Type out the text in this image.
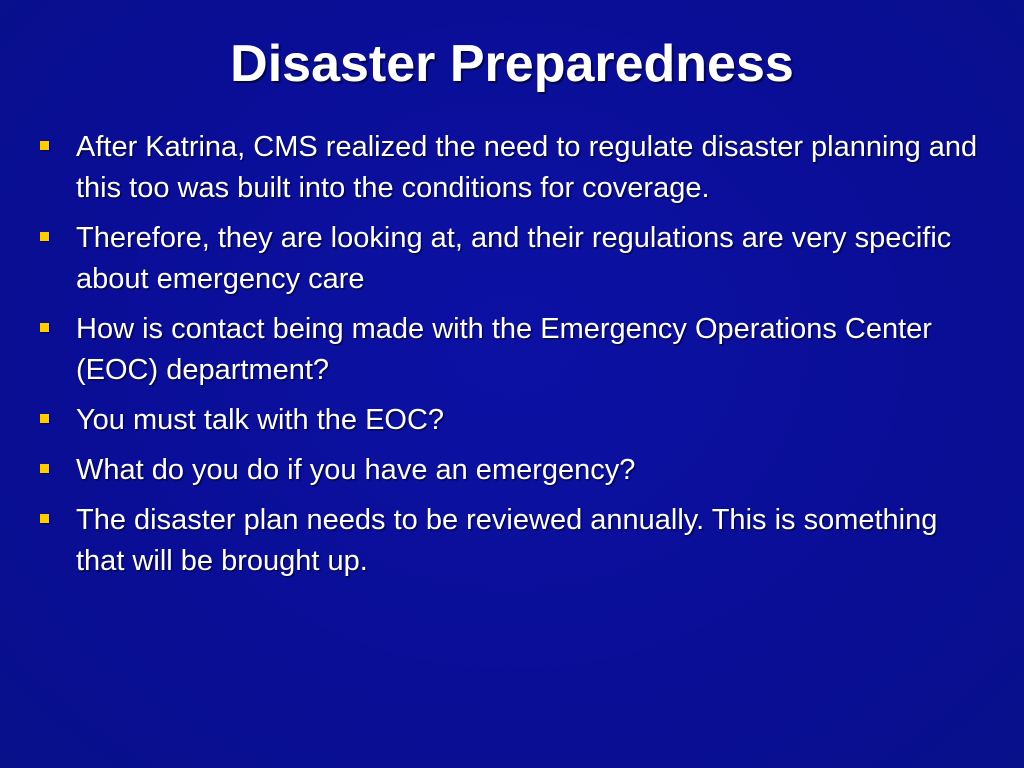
Disaster Preparedness
After Katrina, CMS realized the need to regulate disaster planning and this too was built into the conditions for coverage.
Therefore, they are looking at, and their regulations are very specific about emergency care
How is contact being made with the Emergency Operations Center (EOC) department?
You must talk with the EOC?
What do you do if you have an emergency?
The disaster plan needs to be reviewed annually. This is something that will be brought up.
